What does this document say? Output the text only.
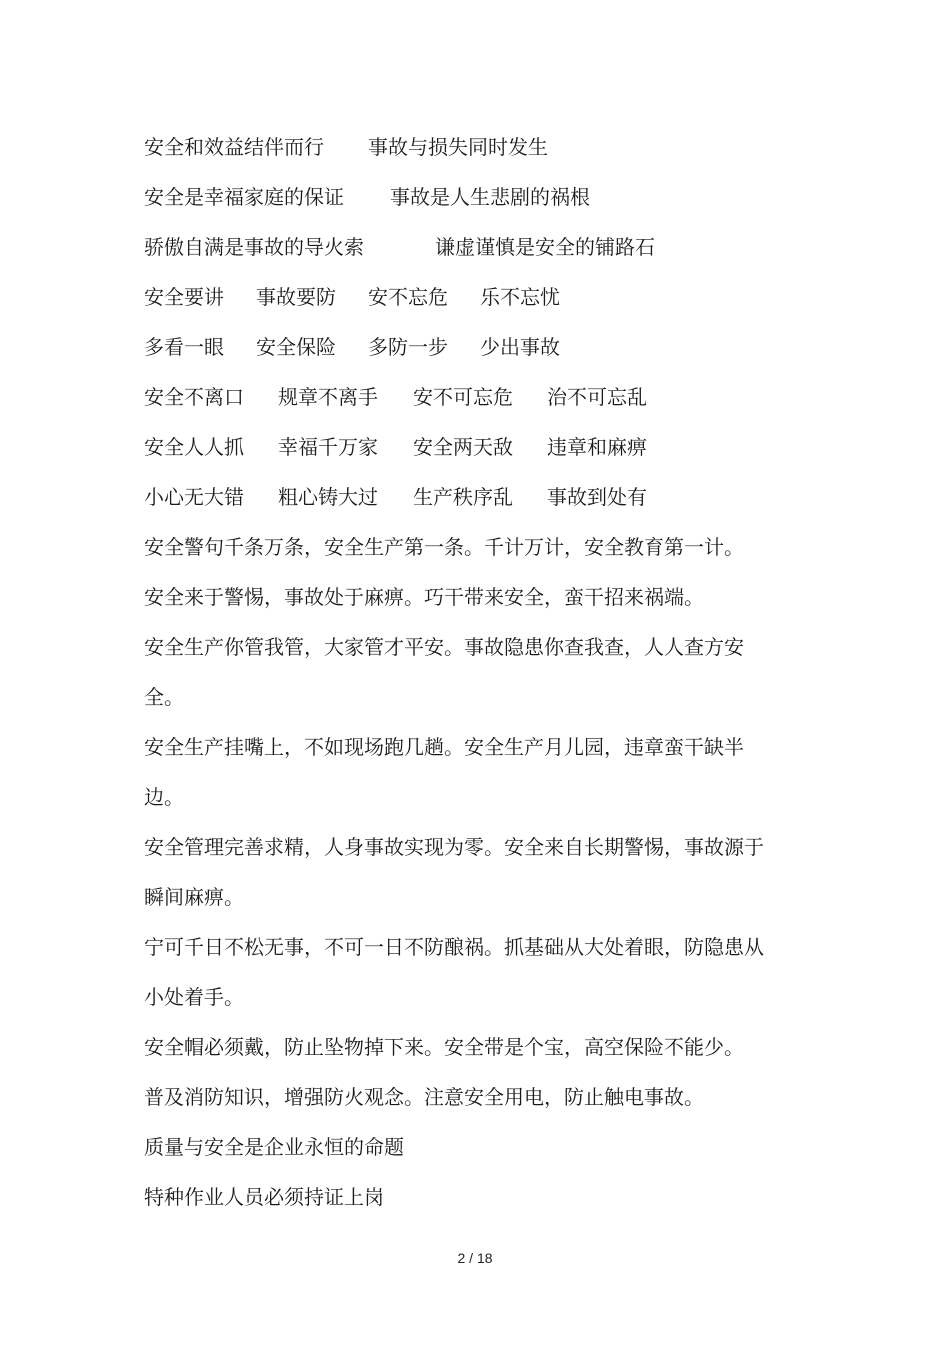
安全和效益结伴而行 事故与损失同时发生
安全是幸福家庭的保证 事故是人生悲剧的祸根
骄傲自满是事故的导火索	谦虚谨慎是安全的铺路石
安全要讲 事故要防 安不忘危 乐不忘忧
多看一眼 安全保险 多防一步 少出事故
安全不离口 规章不离手 安不可忘危 治不可忘乱
安全人人抓 幸福千万家 安全两天敌 违章和麻痹
小心无大错 粗心铸大过 生产秩序乱 事故到处有
安全警句千条万条，安全生产第一条。千计万计，安全教育第一计。
安全来于警惕，事故处于麻痹。巧干带来安全，蛮干招来祸端。
安全生产你管我管，大家管才平安。事故隐患你查我查，人人查方安全。
安全生产挂嘴上，不如现场跑几趟。安全生产月儿园，违章蛮干缺半边。
安全管理完善求精，人身事故实现为零。安全来自长期警惕，事故源于瞬间麻痹。
宁可千日不松无事，不可一日不防酿祸。抓基础从大处着眼，防隐患从小处着手。
安全帽必须戴，防止坠物掉下来。安全带是个宝，高空保险不能少。
普及消防知识，增强防火观念。注意安全用电，防止触电事故。
质量与安全是企业永恒的命题
特种作业人员必须持证上岗
2 / 18
